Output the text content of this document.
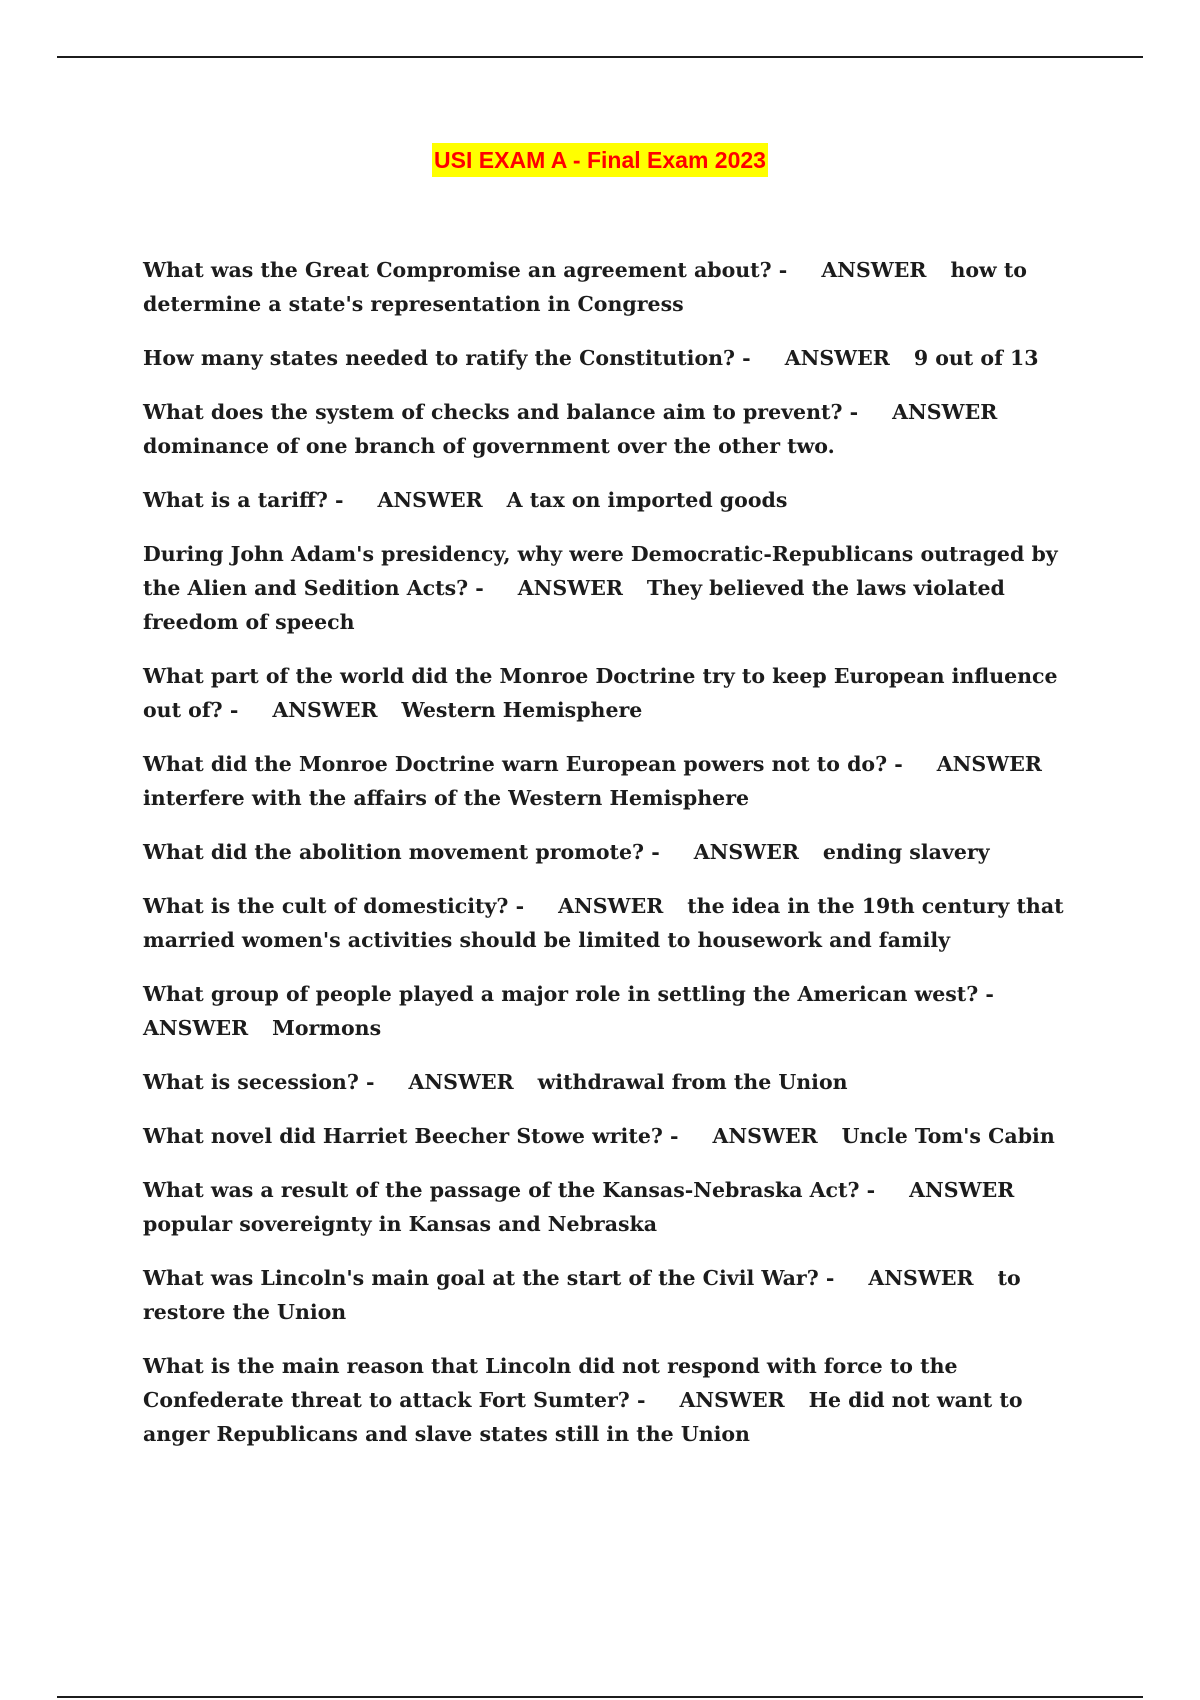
USI EXAM A - Final Exam 2023

What was the Great Compromise an agreement about? - ANSWER how to determine a state's representation in Congress

How many states needed to ratify the Constitution? - ANSWER 9 out of 13

What does the system of checks and balance aim to prevent? - ANSWERdominance of one branch of government over the other two.

What is a tariff? - ANSWER A tax on imported goods

During John Adam's presidency, why were Democratic-Republicans outraged by the Alien and Sedition Acts? - ANSWER They believed the laws violated freedom of speech

What part of the world did the Monroe Doctrine try to keep European influence out of? - ANSWER Western Hemisphere

What did the Monroe Doctrine warn European powers not to do? - ANSWERinterfere with the affairs of the Western Hemisphere

What did the abolition movement promote? - ANSWER ending slavery

What is the cult of domesticity? - ANSWER the idea in the 19th century that married women's activities should be limited to housework and family

What group of people played a major role in settling the American west? -ANSWER Mormons

What is secession? - ANSWER withdrawal from the Union

What novel did Harriet Beecher Stowe write? - ANSWER Uncle Tom's Cabin

What was a result of the passage of the Kansas-Nebraska Act? - ANSWERpopular sovereignty in Kansas and Nebraska

What was Lincoln's main goal at the start of the Civil War? - ANSWER to restore the Union

What is the main reason that Lincoln did not respond with force to the Confederate threat to attack Fort Sumter? - ANSWER He did not want to anger Republicans and slave states still in the Union
